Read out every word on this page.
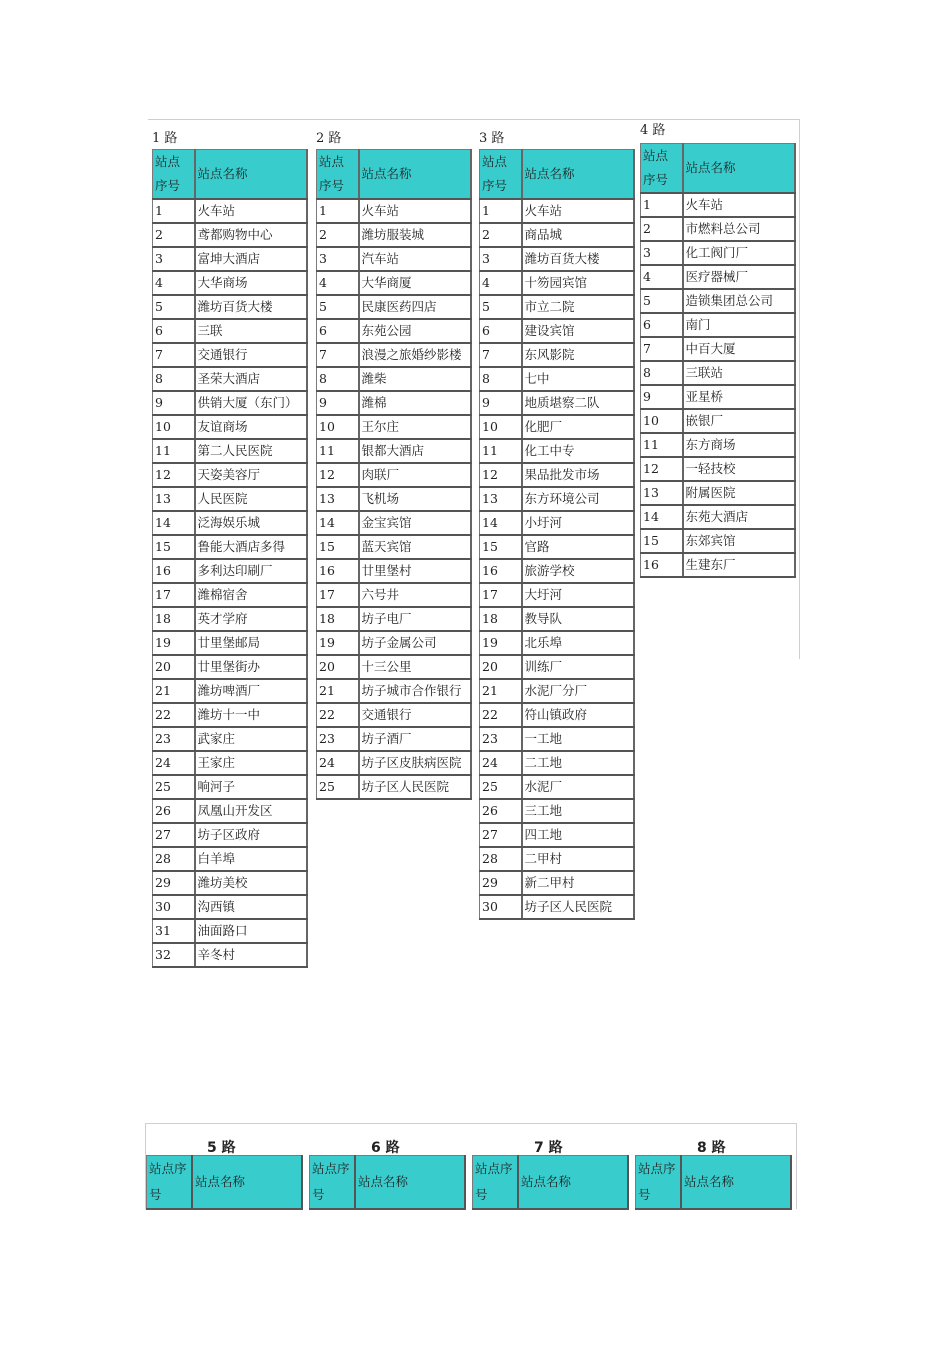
1 路
站点序号	站点名称
1	火车站
2	鸢都购物中心
3	富坤大酒店
4	大华商场
5	潍坊百货大楼
6	三联
7	交通银行
8	圣荣大酒店
9	供销大厦（东门）
10	友谊商场
11	第二人民医院
12	天姿美容厅
13	人民医院
14	泛海娱乐城
15	鲁能大酒店多得
16	多利达印刷厂
17	潍棉宿舍
18	英才学府
19	廿里堡邮局
20	廿里堡街办
21	潍坊啤酒厂
22	潍坊十一中
23	武家庄
24	王家庄
25	响河子
26	凤凰山开发区
27	坊子区政府
28	白羊埠
29	潍坊美校
30	沟西镇
31	油面路口
32	辛冬村
2 路
站点序号	站点名称
1	火车站
2	潍坊服装城
3	汽车站
4	大华商厦
5	民康医药四店
6	东苑公园
7	浪漫之旅婚纱影楼
8	潍柴
9	潍棉
10	王尔庄
11	银都大酒店
12	肉联厂
13	飞机场
14	金宝宾馆
15	蓝天宾馆
16	廿里堡村
17	六号井
18	坊子电厂
19	坊子金属公司
20	十三公里
21	坊子城市合作银行
22	交通银行
23	坊子酒厂
24	坊子区皮肤病医院
25	坊子区人民医院
3 路
站点序号	站点名称
1	火车站
2	商品城
3	潍坊百货大楼
4	十笏园宾馆
5	市立二院
6	建设宾馆
7	东风影院
8	七中
9	地质堪察二队
10	化肥厂
11	化工中专
12	果品批发市场
13	东方环境公司
14	小圩河
15	官路
16	旅游学校
17	大圩河
18	教导队
19	北乐埠
20	训练厂
21	水泥厂分厂
22	符山镇政府
23	一工地
24	二工地
25	水泥厂
26	三工地
27	四工地
28	二甲村
29	新二甲村
30	坊子区人民医院
4 路
站点序号	站点名称
1	火车站
2	市燃料总公司
3	化工阀门厂
4	医疗器械厂
5	造锁集团总公司
6	南门
7	中百大厦
8	三联站
9	亚星桥
10	嵌银厂
11	东方商场
12	一轻技校
13	附属医院
14	东苑大酒店
15	东郊宾馆
16	生建东厂
5 路	6 路	7 路	8 路
站点序号	站点名称
站点序号	站点名称
站点序号	站点名称
站点序号	站点名称
